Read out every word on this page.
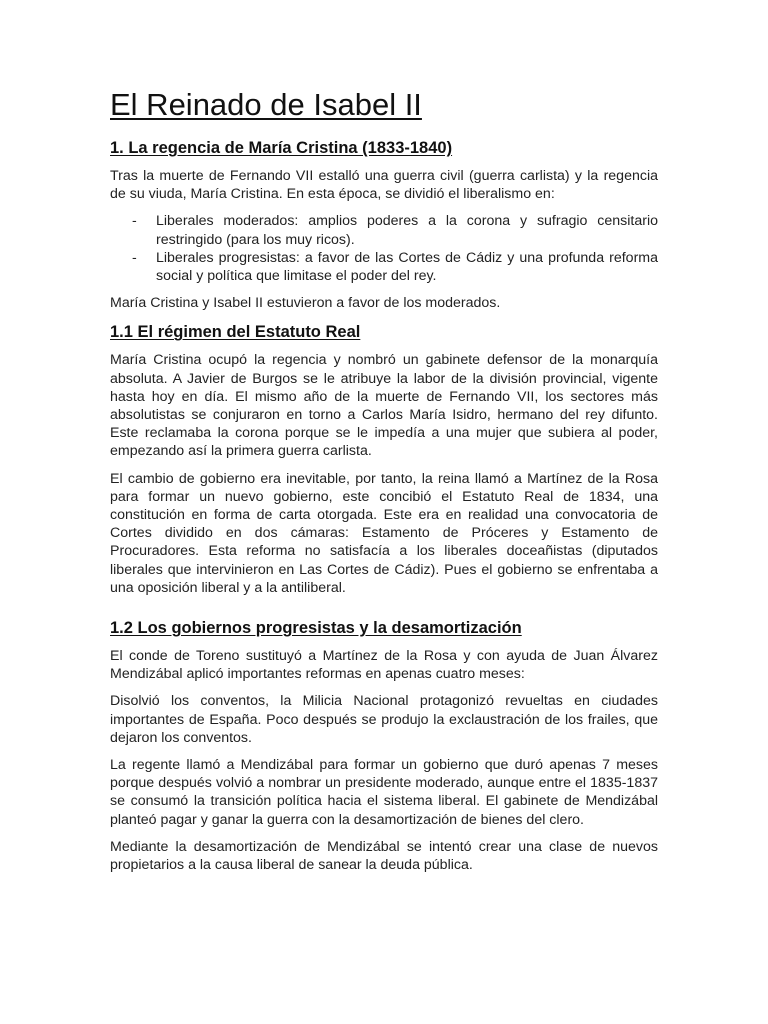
El Reinado de Isabel II
1. La regencia de María Cristina (1833-1840)

Tras la muerte de Fernando VII estalló una guerra civil (guerra carlista) y la regencia de su viuda, María Cristina. En esta época, se dividió el liberalismo en:

- Liberales moderados: amplios poderes a la corona y sufragio censitario restringido (para los muy ricos).
- Liberales progresistas: a favor de las Cortes de Cádiz y una profunda reforma social y política que limitase el poder del rey.

María Cristina y Isabel II estuvieron a favor de los moderados.

1.1 El régimen del Estatuto Real

María Cristina ocupó la regencia y nombró un gabinete defensor de la monarquía absoluta. A Javier de Burgos se le atribuye la labor de la división provincial, vigente hasta hoy en día. El mismo año de la muerte de Fernando VII, los sectores más absolutistas se conjuraron en torno a Carlos María Isidro, hermano del rey difunto. Este reclamaba la corona porque se le impedía a una mujer que subiera al poder, empezando así la primera guerra carlista.

El cambio de gobierno era inevitable, por tanto, la reina llamó a Martínez de la Rosa para formar un nuevo gobierno, este concibió el Estatuto Real de 1834, una constitución en forma de carta otorgada. Este era en realidad una convocatoria de Cortes dividido en dos cámaras: Estamento de Próceres y Estamento de Procuradores. Esta reforma no satisfacía a los liberales doceañistas (diputados liberales que intervinieron en Las Cortes de Cádiz). Pues el gobierno se enfrentaba a una oposición liberal y a la antiliberal.

1.2 Los gobiernos progresistas y la desamortización

El conde de Toreno sustituyó a Martínez de la Rosa y con ayuda de Juan Álvarez Mendizábal aplicó importantes reformas en apenas cuatro meses:

Disolvió los conventos, la Milicia Nacional protagonizó revueltas en ciudades importantes de España. Poco después se produjo la exclaustración de los frailes, que dejaron los conventos.

La regente llamó a Mendizábal para formar un gobierno que duró apenas 7 meses porque después volvió a nombrar un presidente moderado, aunque entre el 1835-1837 se consumó la transición política hacia el sistema liberal. El gabinete de Mendizábal planteó pagar y ganar la guerra con la desamortización de bienes del clero.

Mediante la desamortización de Mendizábal se intentó crear una clase de nuevos propietarios a la causa liberal de sanear la deuda pública.
